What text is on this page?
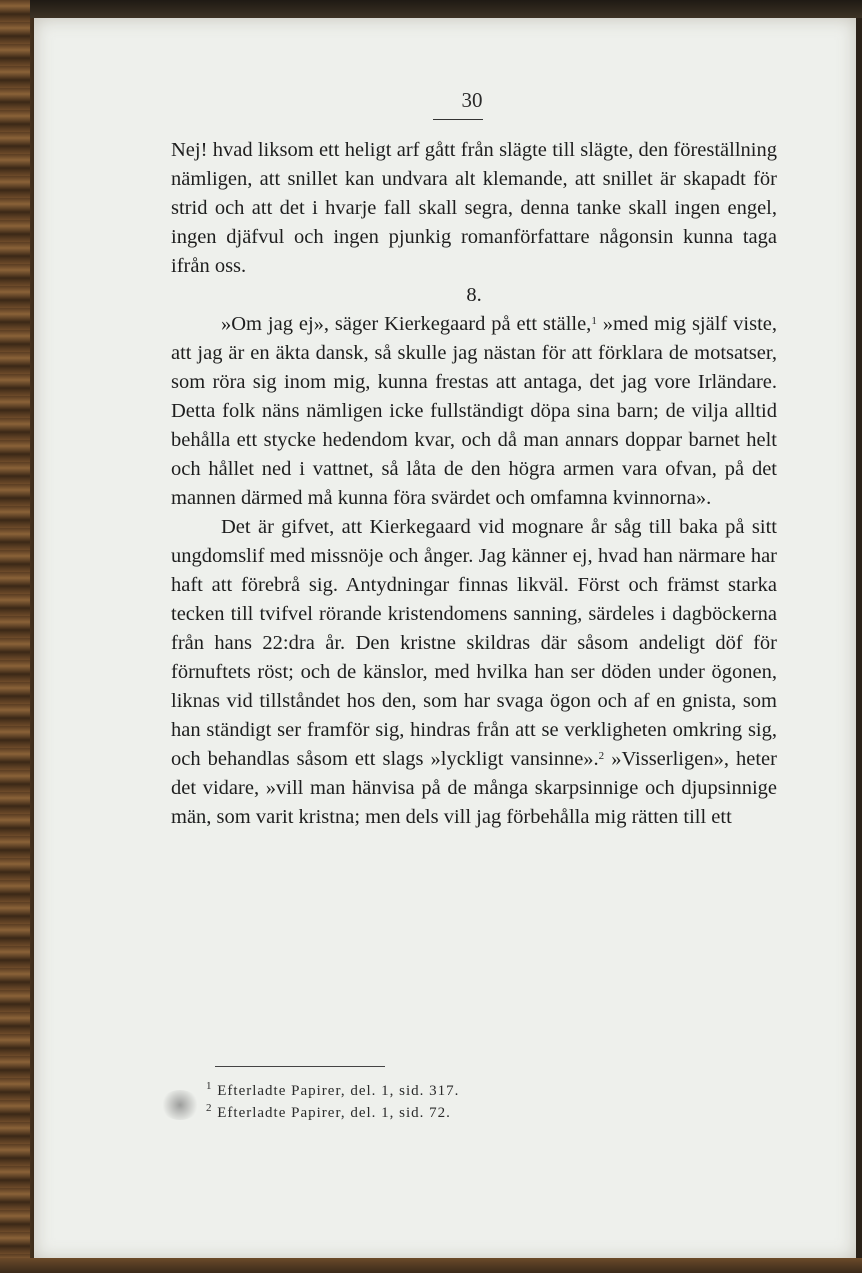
30

Nej! hvad liksom ett heligt arf gått från slägte till slägte, den föreställning nämligen, att snillet kan undvara alt klemande, att snillet är skapadt för strid och att det i hvarje fall skall segra, denna tanke skall ingen engel, ingen djäfvul och ingen pjunkig romanförfattare någonsin kunna taga ifrån oss.

8.

»Om jag ej», säger Kierkegaard på ett ställe,$^1$ »med mig själf viste, att jag är en äkta dansk, så skulle jag nästan för att förklara de motsatser, som röra sig inom mig, kunna frestas att antaga, det jag vore Irländare. Detta folk näns nämligen icke fullständigt döpa sina barn; de vilja alltid behålla ett stycke hedendom kvar, och då man annars doppar barnet helt och hållet ned i vattnet, så låta de den högra armen vara ofvan, på det mannen därmed må kunna föra svärdet och omfamna kvinnorna».

Det är gifvet, att Kierkegaard vid mognare år såg till baka på sitt ungdomslif med missnöje och ånger. Jag känner ej, hvad han närmare har haft att förebrå sig. Antydningar finnas likväl. Först och främst starka tecken till tvifvel rörande kristendomens sanning, särdeles i dagböckerna från hans 22:dra år. Den kristne skildras där såsom andeligt döf för förnuftets röst; och de känslor, med hvilka han ser döden under ögonen, liknas vid tillståndet hos den, som har svaga ögon och af en gnista, som han ständigt ser framför sig, hindras från att se verkligheten omkring sig, och behandlas såsom ett slags »lyckligt vansinne».$^2$ »Visserligen», heter det vidare, »vill man hänvisa på de många skarpsinnige och djupsinnige män, som varit kristna; men dels vill jag förbehålla mig rätten till ett

$^1$ Efterladte Papirer, del. 1, sid. 317.
$^2$ Efterladte Papirer, del. 1, sid. 72.
